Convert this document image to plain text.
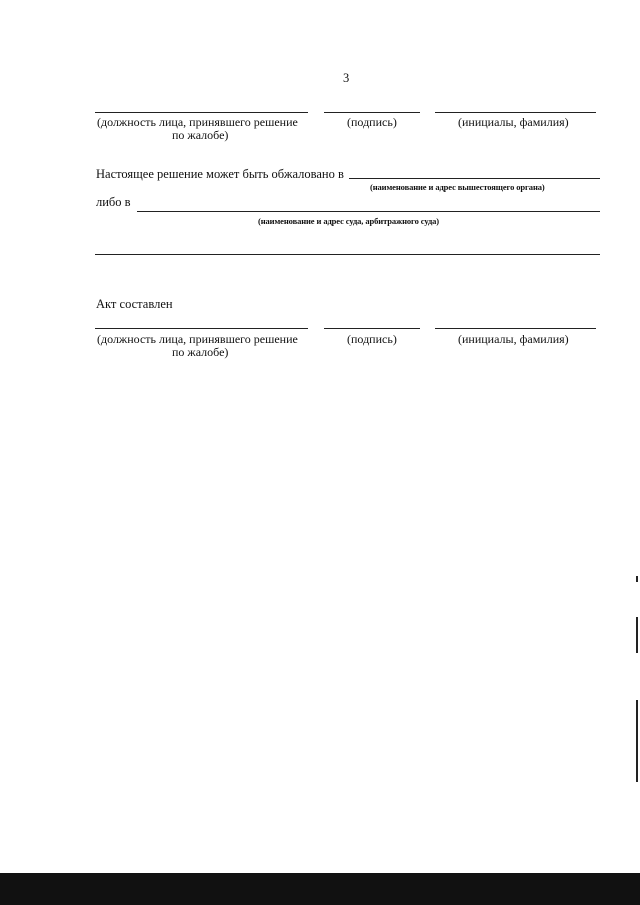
3
(должность лица, принявшего решение
по жалобе)
(подпись)	(инициалы, фамилия)
Настоящее решение может быть обжаловано в
(наименование и адрес вышестоящего органа)
либо в
(наименование и адрес суда, арбитражного суда)
Акт составлен
(должность лица, принявшего решение
по жалобе)
(подпись)	(инициалы, фамилия)
